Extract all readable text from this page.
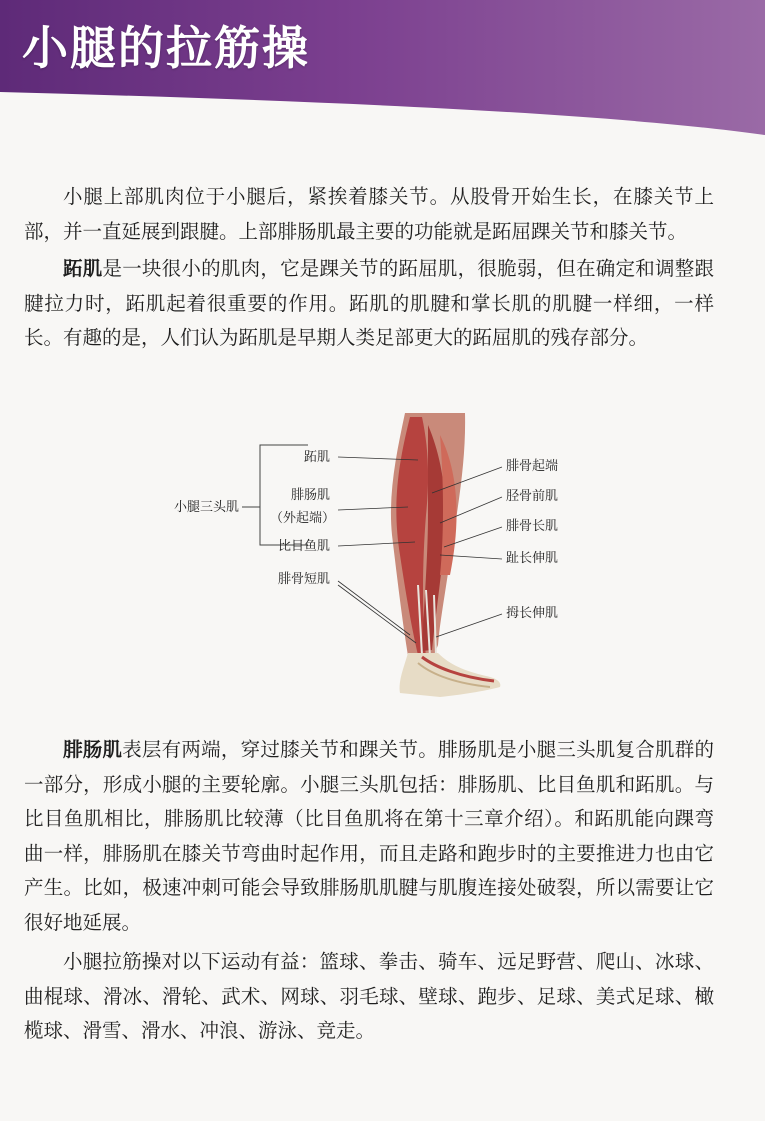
小腿的拉筋操

小腿上部肌肉位于小腿后，紧挨着膝关节。从股骨开始生长，在膝关节上部，并一直延展到跟腱。上部腓肠肌最主要的功能就是跖屈踝关节和膝关节。

跖肌是一块很小的肌肉，它是踝关节的跖屈肌，很脆弱，但在确定和调整跟腱拉力时，跖肌起着很重要的作用。跖肌的肌腱和掌长肌的肌腱一样细，一样长。有趣的是，人们认为跖肌是早期人类足部更大的跖屈肌的残存部分。

小腿三头肌
跖肌
腓肠肌
（外起端）
比目鱼肌
腓骨短肌
腓骨起端
胫骨前肌
腓骨长肌
趾长伸肌
拇长伸肌

腓肠肌表层有两端，穿过膝关节和踝关节。腓肠肌是小腿三头肌复合肌群的一部分，形成小腿的主要轮廓。小腿三头肌包括：腓肠肌、比目鱼肌和跖肌。与比目鱼肌相比，腓肠肌比较薄（比目鱼肌将在第十三章介绍）。和跖肌能向踝弯曲一样，腓肠肌在膝关节弯曲时起作用，而且走路和跑步时的主要推进力也由它产生。比如，极速冲刺可能会导致腓肠肌肌腱与肌腹连接处破裂，所以需要让它很好地延展。

小腿拉筋操对以下运动有益：篮球、拳击、骑车、远足野营、爬山、冰球、曲棍球、滑冰、滑轮、武术、网球、羽毛球、壁球、跑步、足球、美式足球、橄榄球、滑雪、滑水、冲浪、游泳、竞走。
